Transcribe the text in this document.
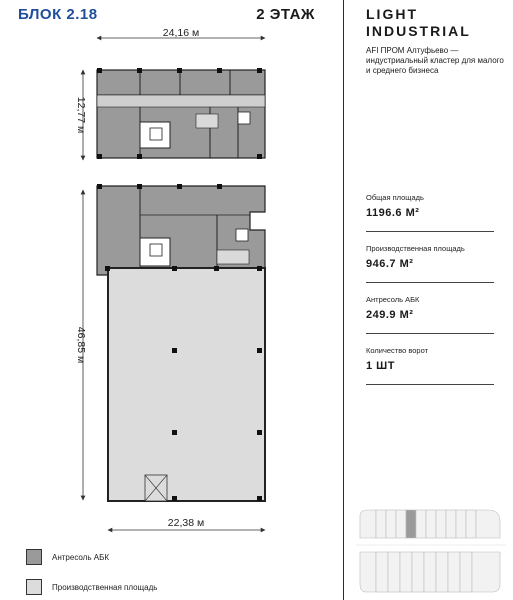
БЛОК 2.18	2 ЭТАЖ
24,16 м
12,77 м
46,85 м
22,38 м
Антресоль АБК
Производственная площадь
LIGHT
INDUSTRIAL
AFI ПРОМ Алтуфьево — индустриальный кластер для малого и среднего бизнеса
Общая площадь
1196.6 М²
Производственная площадь
946.7 М²
Антресоль АБК
249.9 М²
Количество ворот
1 ШТ
